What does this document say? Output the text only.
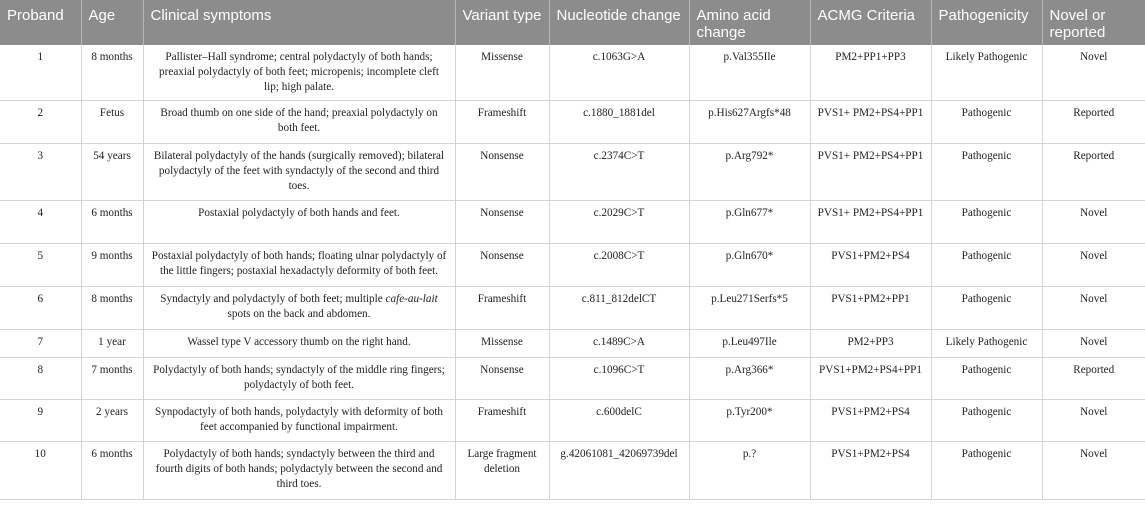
Proband	Age	Clinical symptoms	Variant type	Nucleotide change	Amino acid change	ACMG Criteria	Pathogenicity	Novel or reported
1	8 months	Pallister–Hall syndrome; central polydactyly of both hands; preaxial polydactyly of both feet; micropenis; incomplete cleft lip; high palate.	Missense	c.1063G>A	p.Val355Ile	PM2+PP1+PP3	Likely Pathogenic	Novel
2	Fetus	Broad thumb on one side of the hand; preaxial polydactyly on both feet.	Frameshift	c.1880_1881del	p.His627Argfs*48	PVS1+ PM2+PS4+PP1	Pathogenic	Reported
3	54 years	Bilateral polydactyly of the hands (surgically removed); bilateral polydactyly of the feet with syndactyly of the second and third toes.	Nonsense	c.2374C>T	p.Arg792*	PVS1+ PM2+PS4+PP1	Pathogenic	Reported
4	6 months	Postaxial polydactyly of both hands and feet.	Nonsense	c.2029C>T	p.Gln677*	PVS1+ PM2+PS4+PP1	Pathogenic	Novel
5	9 months	Postaxial polydactyly of both hands; floating ulnar polydactyly of the little fingers; postaxial hexadactyly deformity of both feet.	Nonsense	c.2008C>T	p.Gln670*	PVS1+PM2+PS4	Pathogenic	Novel
6	8 months	Syndactyly and polydactyly of both feet; multiple cafe-au-lait spots on the back and abdomen.	Frameshift	c.811_812delCT	p.Leu271Serfs*5	PVS1+PM2+PP1	Pathogenic	Novel
7	1 year	Wassel type V accessory thumb on the right hand.	Missense	c.1489C>A	p.Leu497Ile	PM2+PP3	Likely Pathogenic	Novel
8	7 months	Polydactyly of both hands; syndactyly of the middle ring fingers; polydactyly of both feet.	Nonsense	c.1096C>T	p.Arg366*	PVS1+PM2+PS4+PP1	Pathogenic	Reported
9	2 years	Synpodactyly of both hands, polydactyly with deformity of both feet accompanied by functional impairment.	Frameshift	c.600delC	p.Tyr200*	PVS1+PM2+PS4	Pathogenic	Novel
10	6 months	Polydactyly of both hands; syndactyly between the third and fourth digits of both hands; polydactyly between the second and third toes.	Large fragment deletion	g.42061081_42069739del	p.?	PVS1+PM2+PS4	Pathogenic	Novel
